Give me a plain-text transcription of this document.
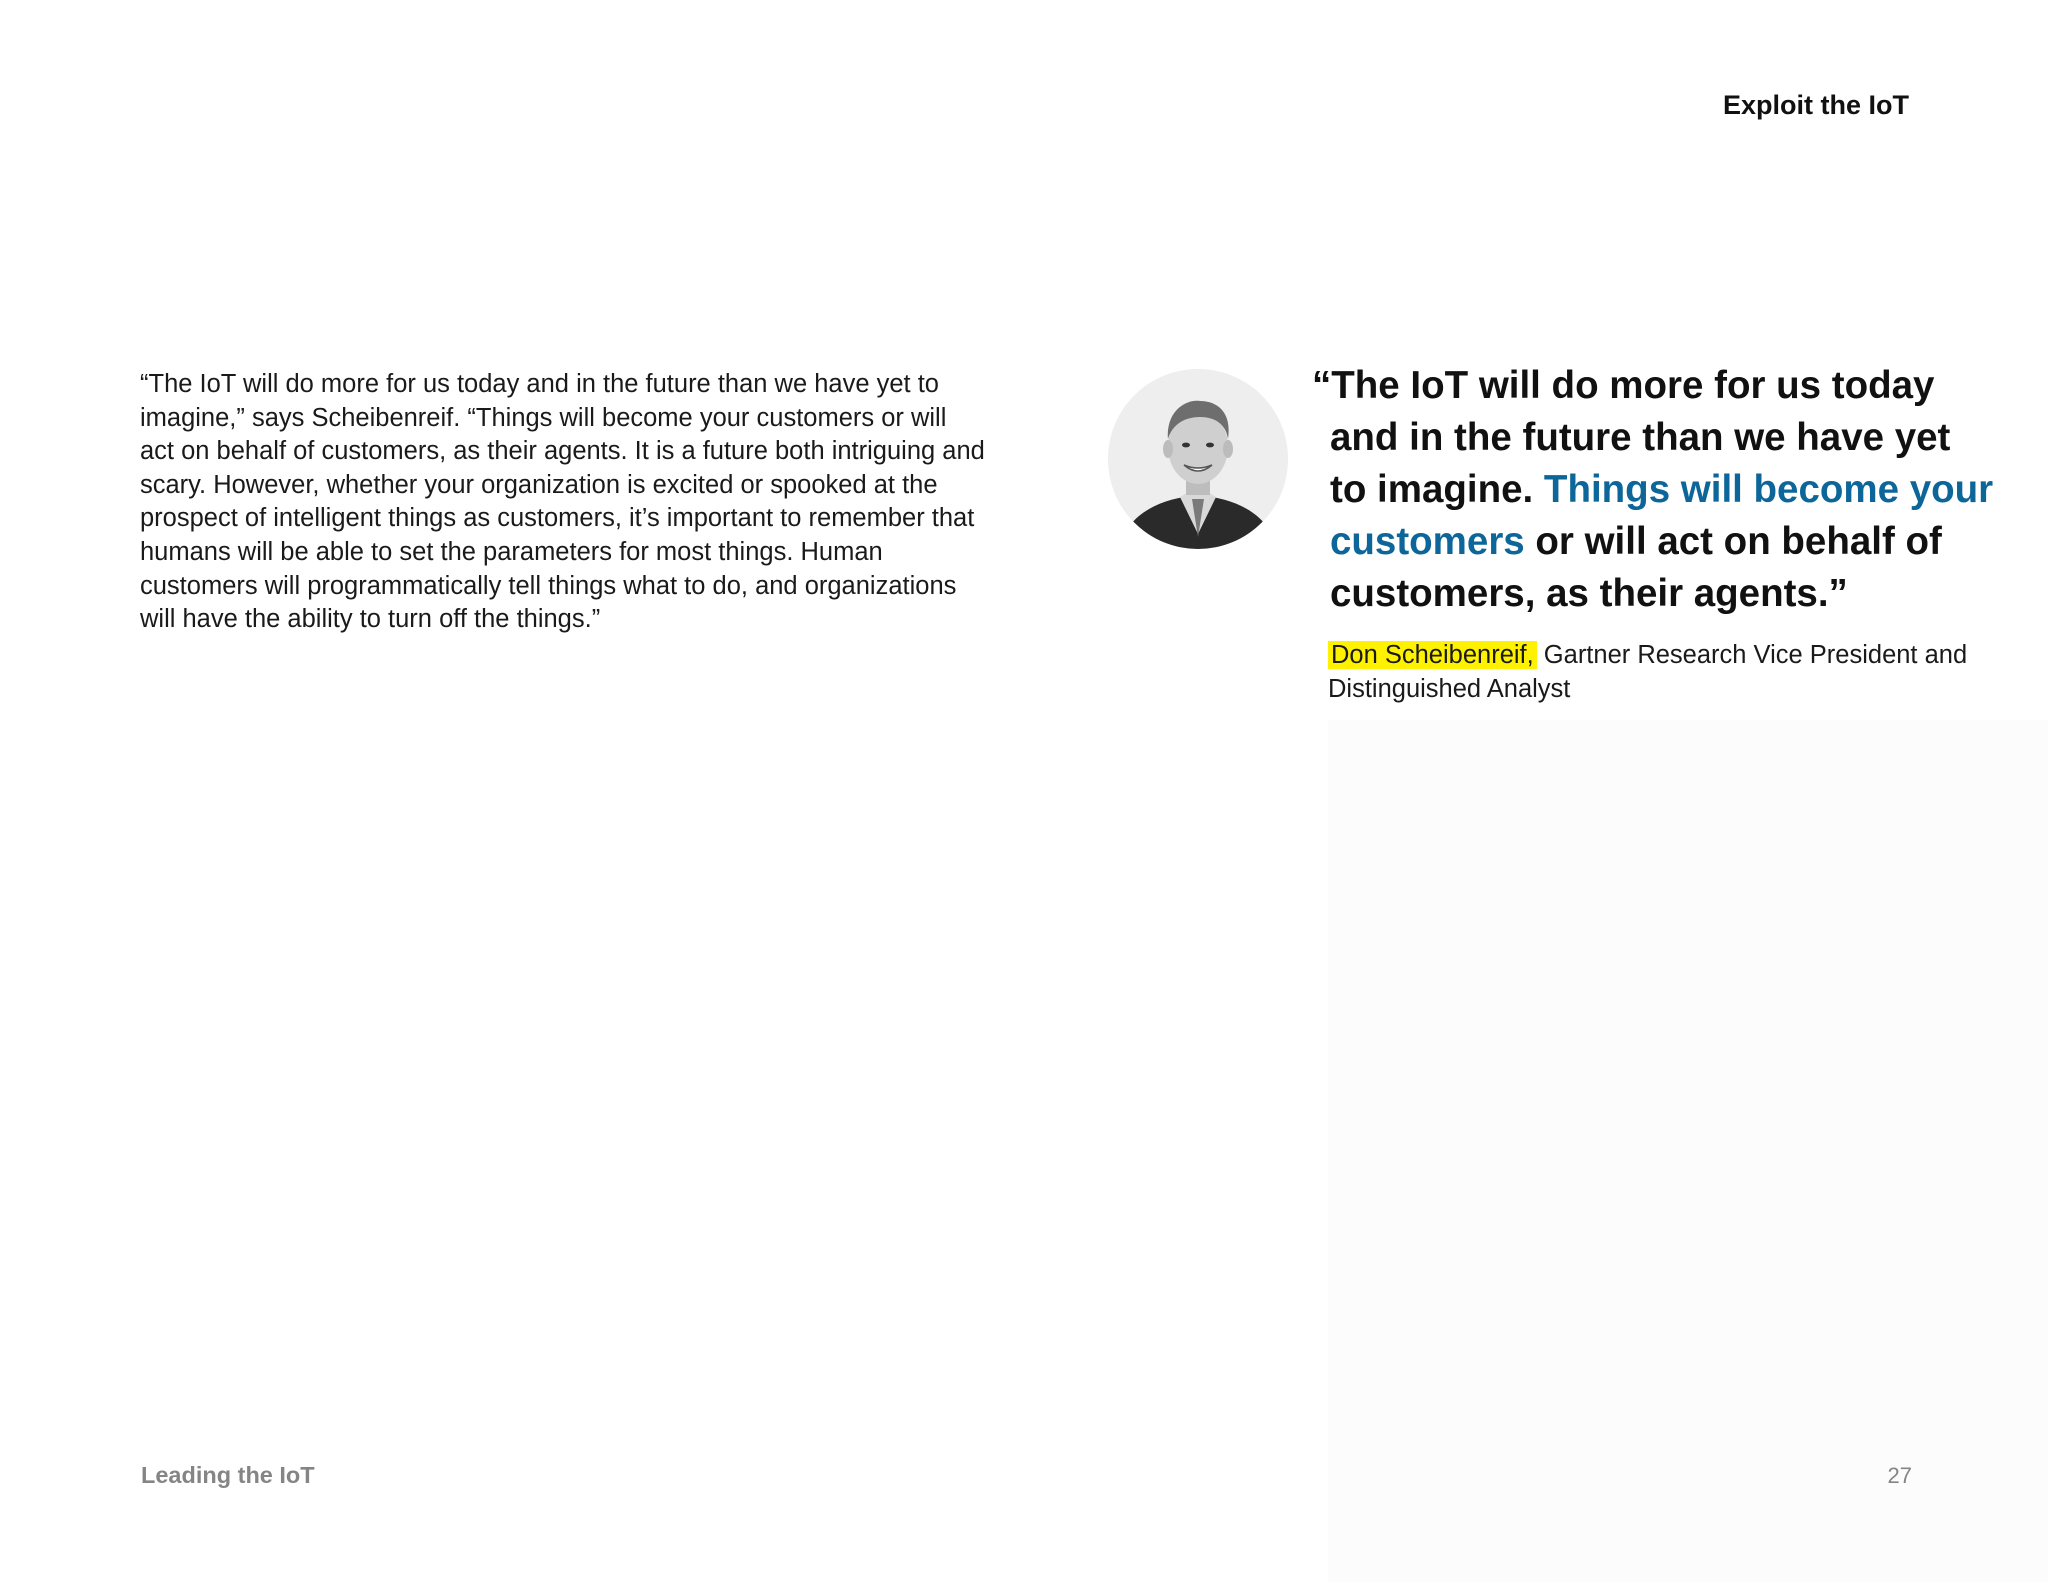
Exploit the IoT

“The IoT will do more for us today and in the future than we have yet to imagine,” says Scheibenreif. “Things will become your customers or will act on behalf of customers, as their agents. It is a future both intriguing and scary. However, whether your organization is excited or spooked at the prospect of intelligent things as customers, it’s important to remember that humans will be able to set the parameters for most things. Human customers will programmatically tell things what to do, and organizations will have the ability to turn off the things.”

“The IoT will do more for us today
and in the future than we have yet
to imagine. Things will become your
customers or will act on behalf of
customers, as their agents.”
Don Scheibenreif, Gartner Research Vice President and Distinguished Analyst
Leading the IoT	27
